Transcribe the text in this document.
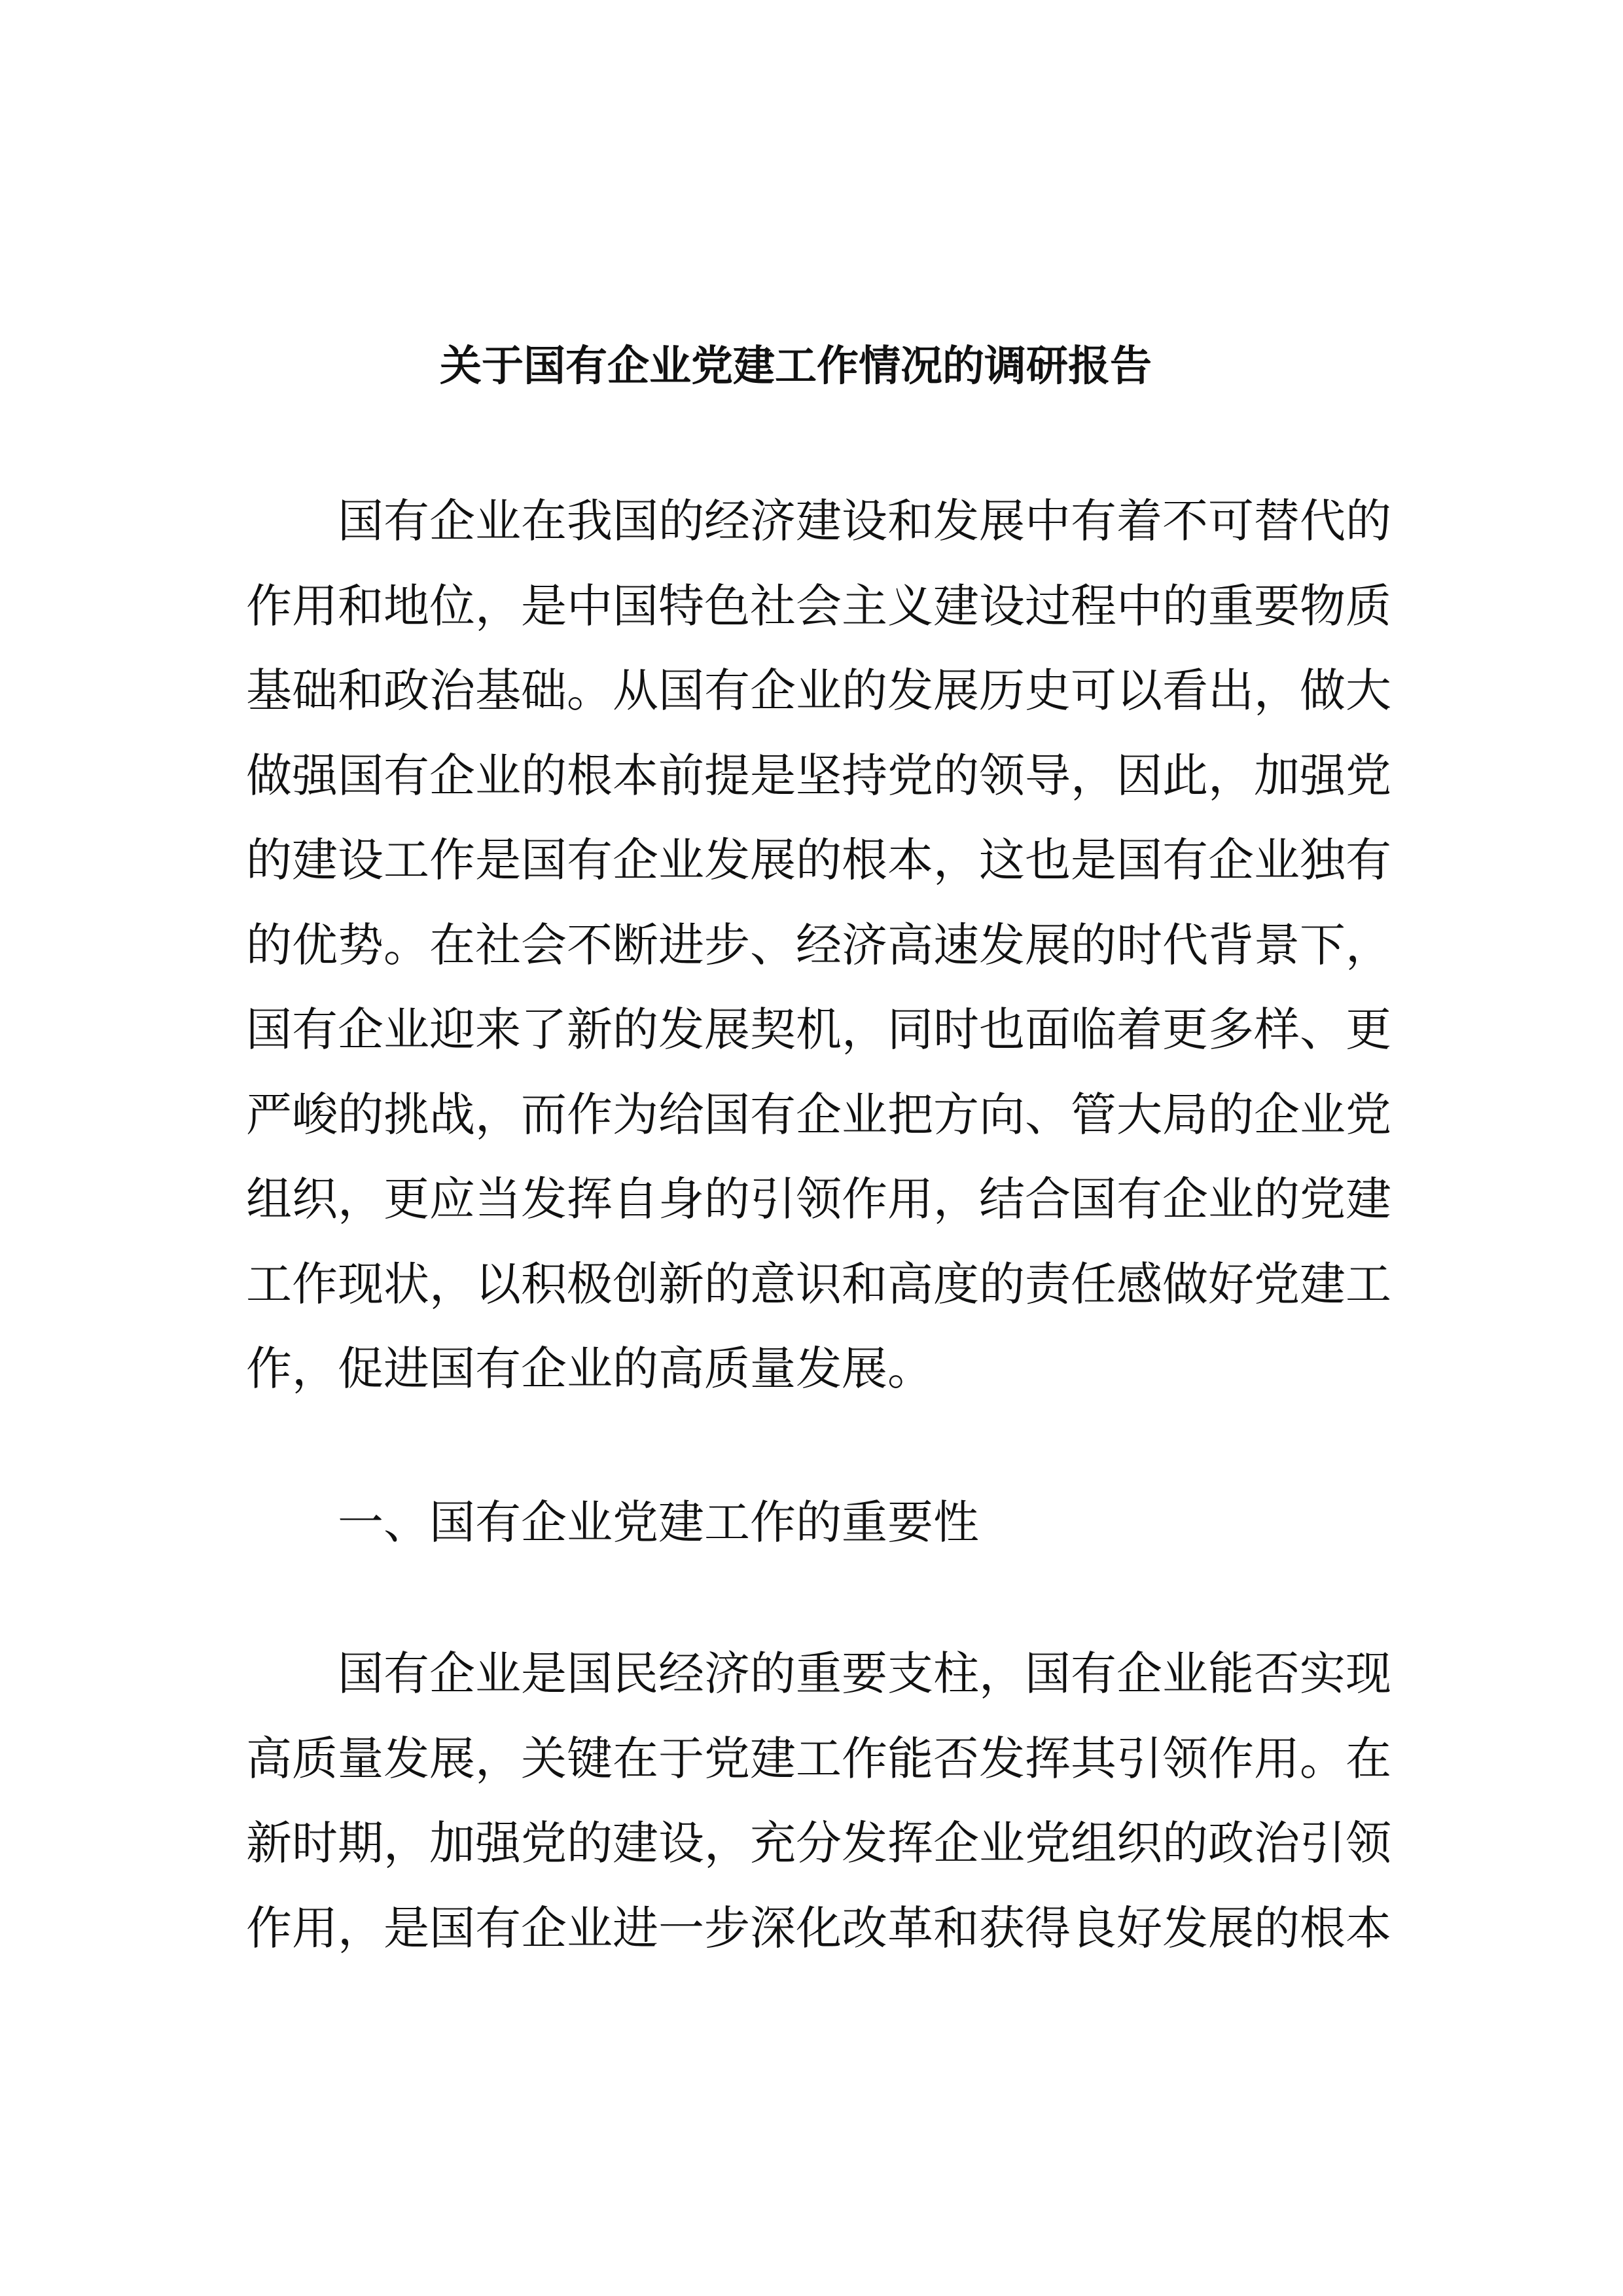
关于国有企业党建工作情况的调研报告
国有企业在我国的经济建设和发展中有着不可替代的
作用和地位，是中国特色社会主义建设过程中的重要物质
基础和政治基础。从国有企业的发展历史可以看出，做大
做强国有企业的根本前提是坚持党的领导，因此，加强党
的建设工作是国有企业发展的根本，这也是国有企业独有
的优势。在社会不断进步、经济高速发展的时代背景下，
国有企业迎来了新的发展契机，同时也面临着更多样、更
严峻的挑战，而作为给国有企业把方向、管大局的企业党
组织，更应当发挥自身的引领作用，结合国有企业的党建
工作现状，以积极创新的意识和高度的责任感做好党建工
作，促进国有企业的高质量发展。
一、国有企业党建工作的重要性
国有企业是国民经济的重要支柱，国有企业能否实现
高质量发展，关键在于党建工作能否发挥其引领作用。在
新时期，加强党的建设，充分发挥企业党组织的政治引领
作用，是国有企业进一步深化改革和获得良好发展的根本
